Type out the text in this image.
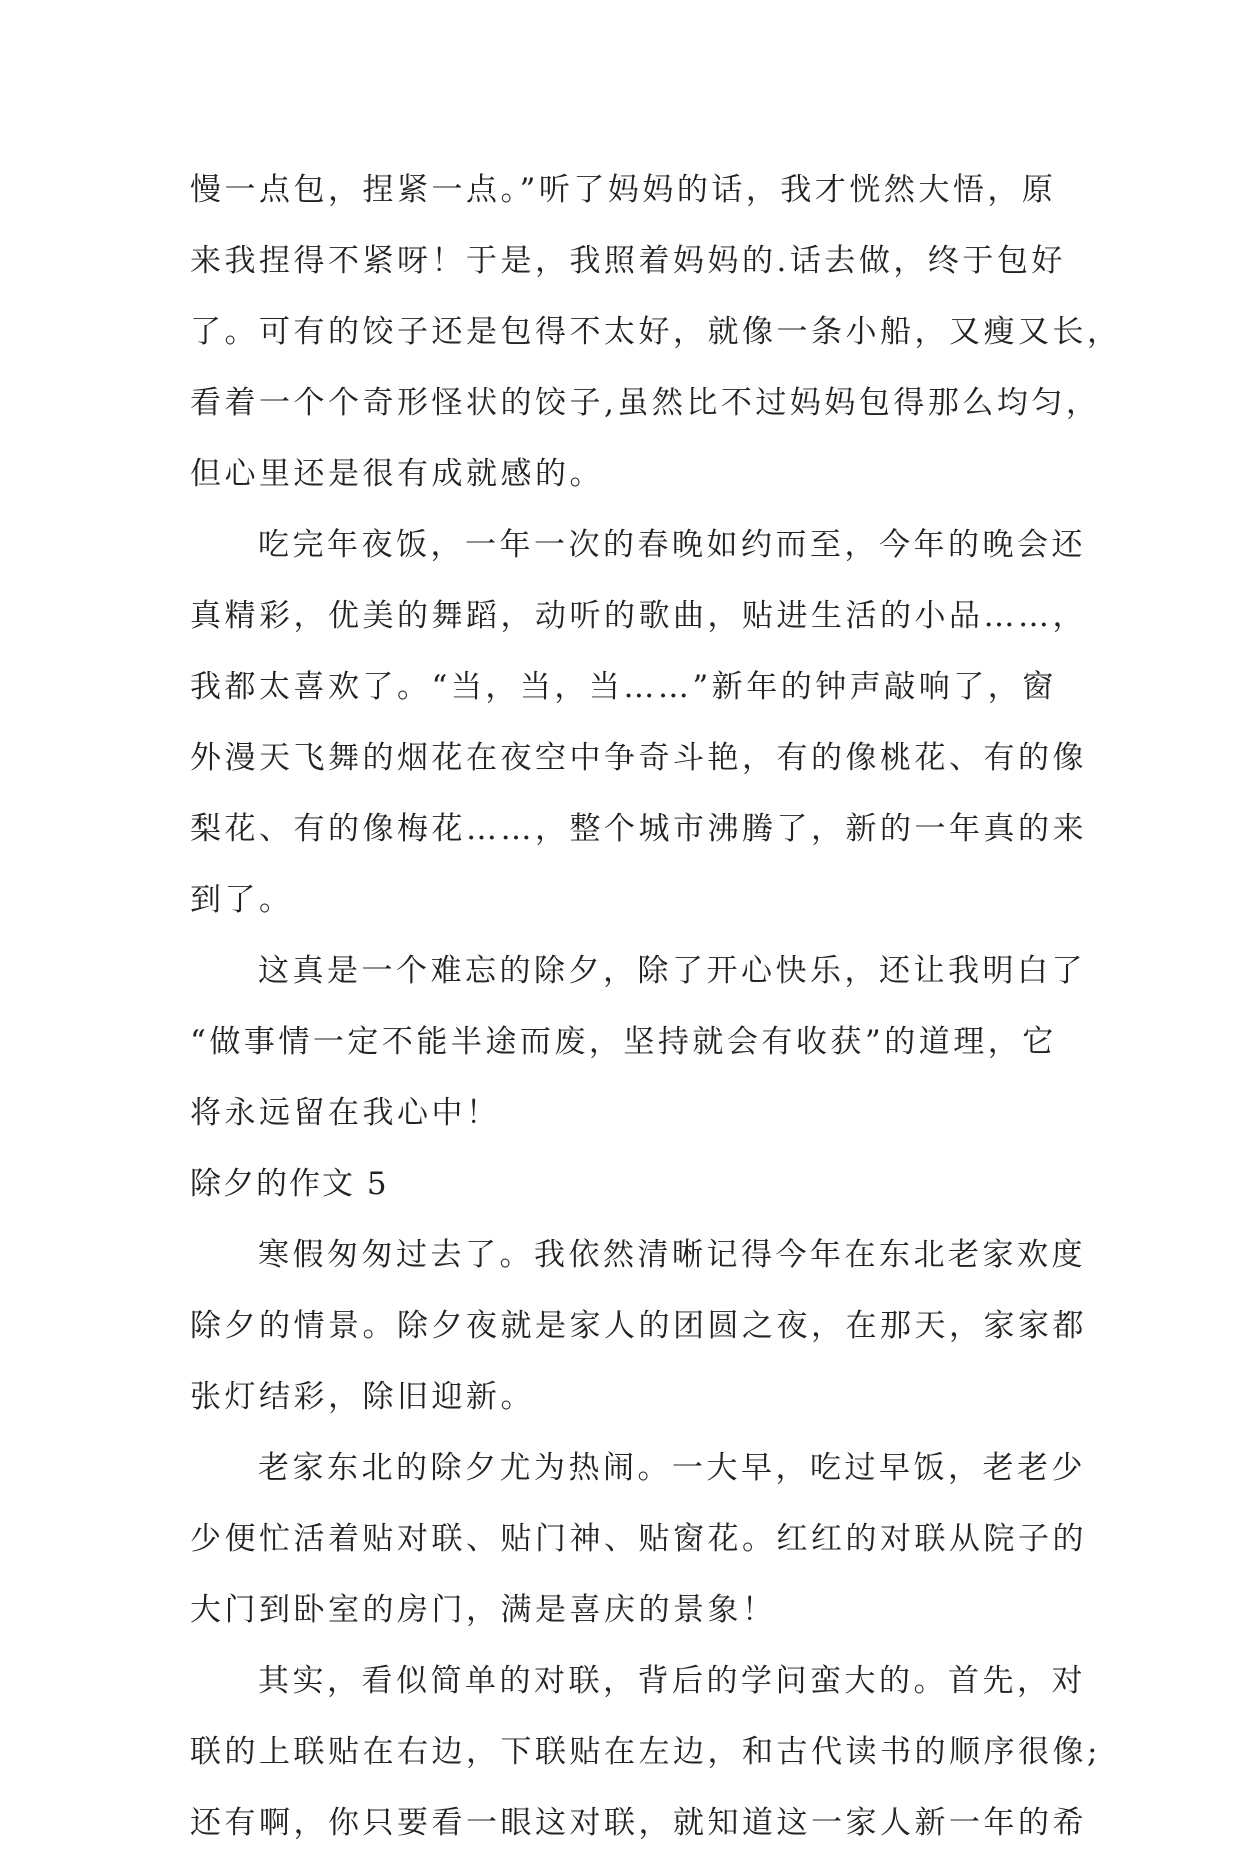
慢一点包，捏紧一点。”听了妈妈的话，我才恍然大悟，原
来我捏得不紧呀！于是，我照着妈妈的.话去做，终于包好
了。可有的饺子还是包得不太好，就像一条小船，又瘦又长，
看着一个个奇形怪状的饺子,虽然比不过妈妈包得那么均匀，
但心里还是很有成就感的。
吃完年夜饭，一年一次的春晚如约而至，今年的晚会还
真精彩，优美的舞蹈，动听的歌曲，贴进生活的小品……，
我都太喜欢了。“当，当，当……”新年的钟声敲响了，窗
外漫天飞舞的烟花在夜空中争奇斗艳，有的像桃花、有的像
梨花、有的像梅花……，整个城市沸腾了，新的一年真的来
到了。
这真是一个难忘的除夕，除了开心快乐，还让我明白了
“做事情一定不能半途而废，坚持就会有收获”的道理，它
将永远留在我心中！
除夕的作文 5
寒假匆匆过去了。我依然清晰记得今年在东北老家欢度
除夕的情景。除夕夜就是家人的团圆之夜，在那天，家家都
张灯结彩，除旧迎新。
老家东北的除夕尤为热闹。一大早，吃过早饭，老老少
少便忙活着贴对联、贴门神、贴窗花。红红的对联从院子的
大门到卧室的房门，满是喜庆的景象！
其实，看似简单的对联，背后的学问蛮大的。首先，对
联的上联贴在右边，下联贴在左边，和古代读书的顺序很像;
还有啊，你只要看一眼这对联，就知道这一家人新一年的希
